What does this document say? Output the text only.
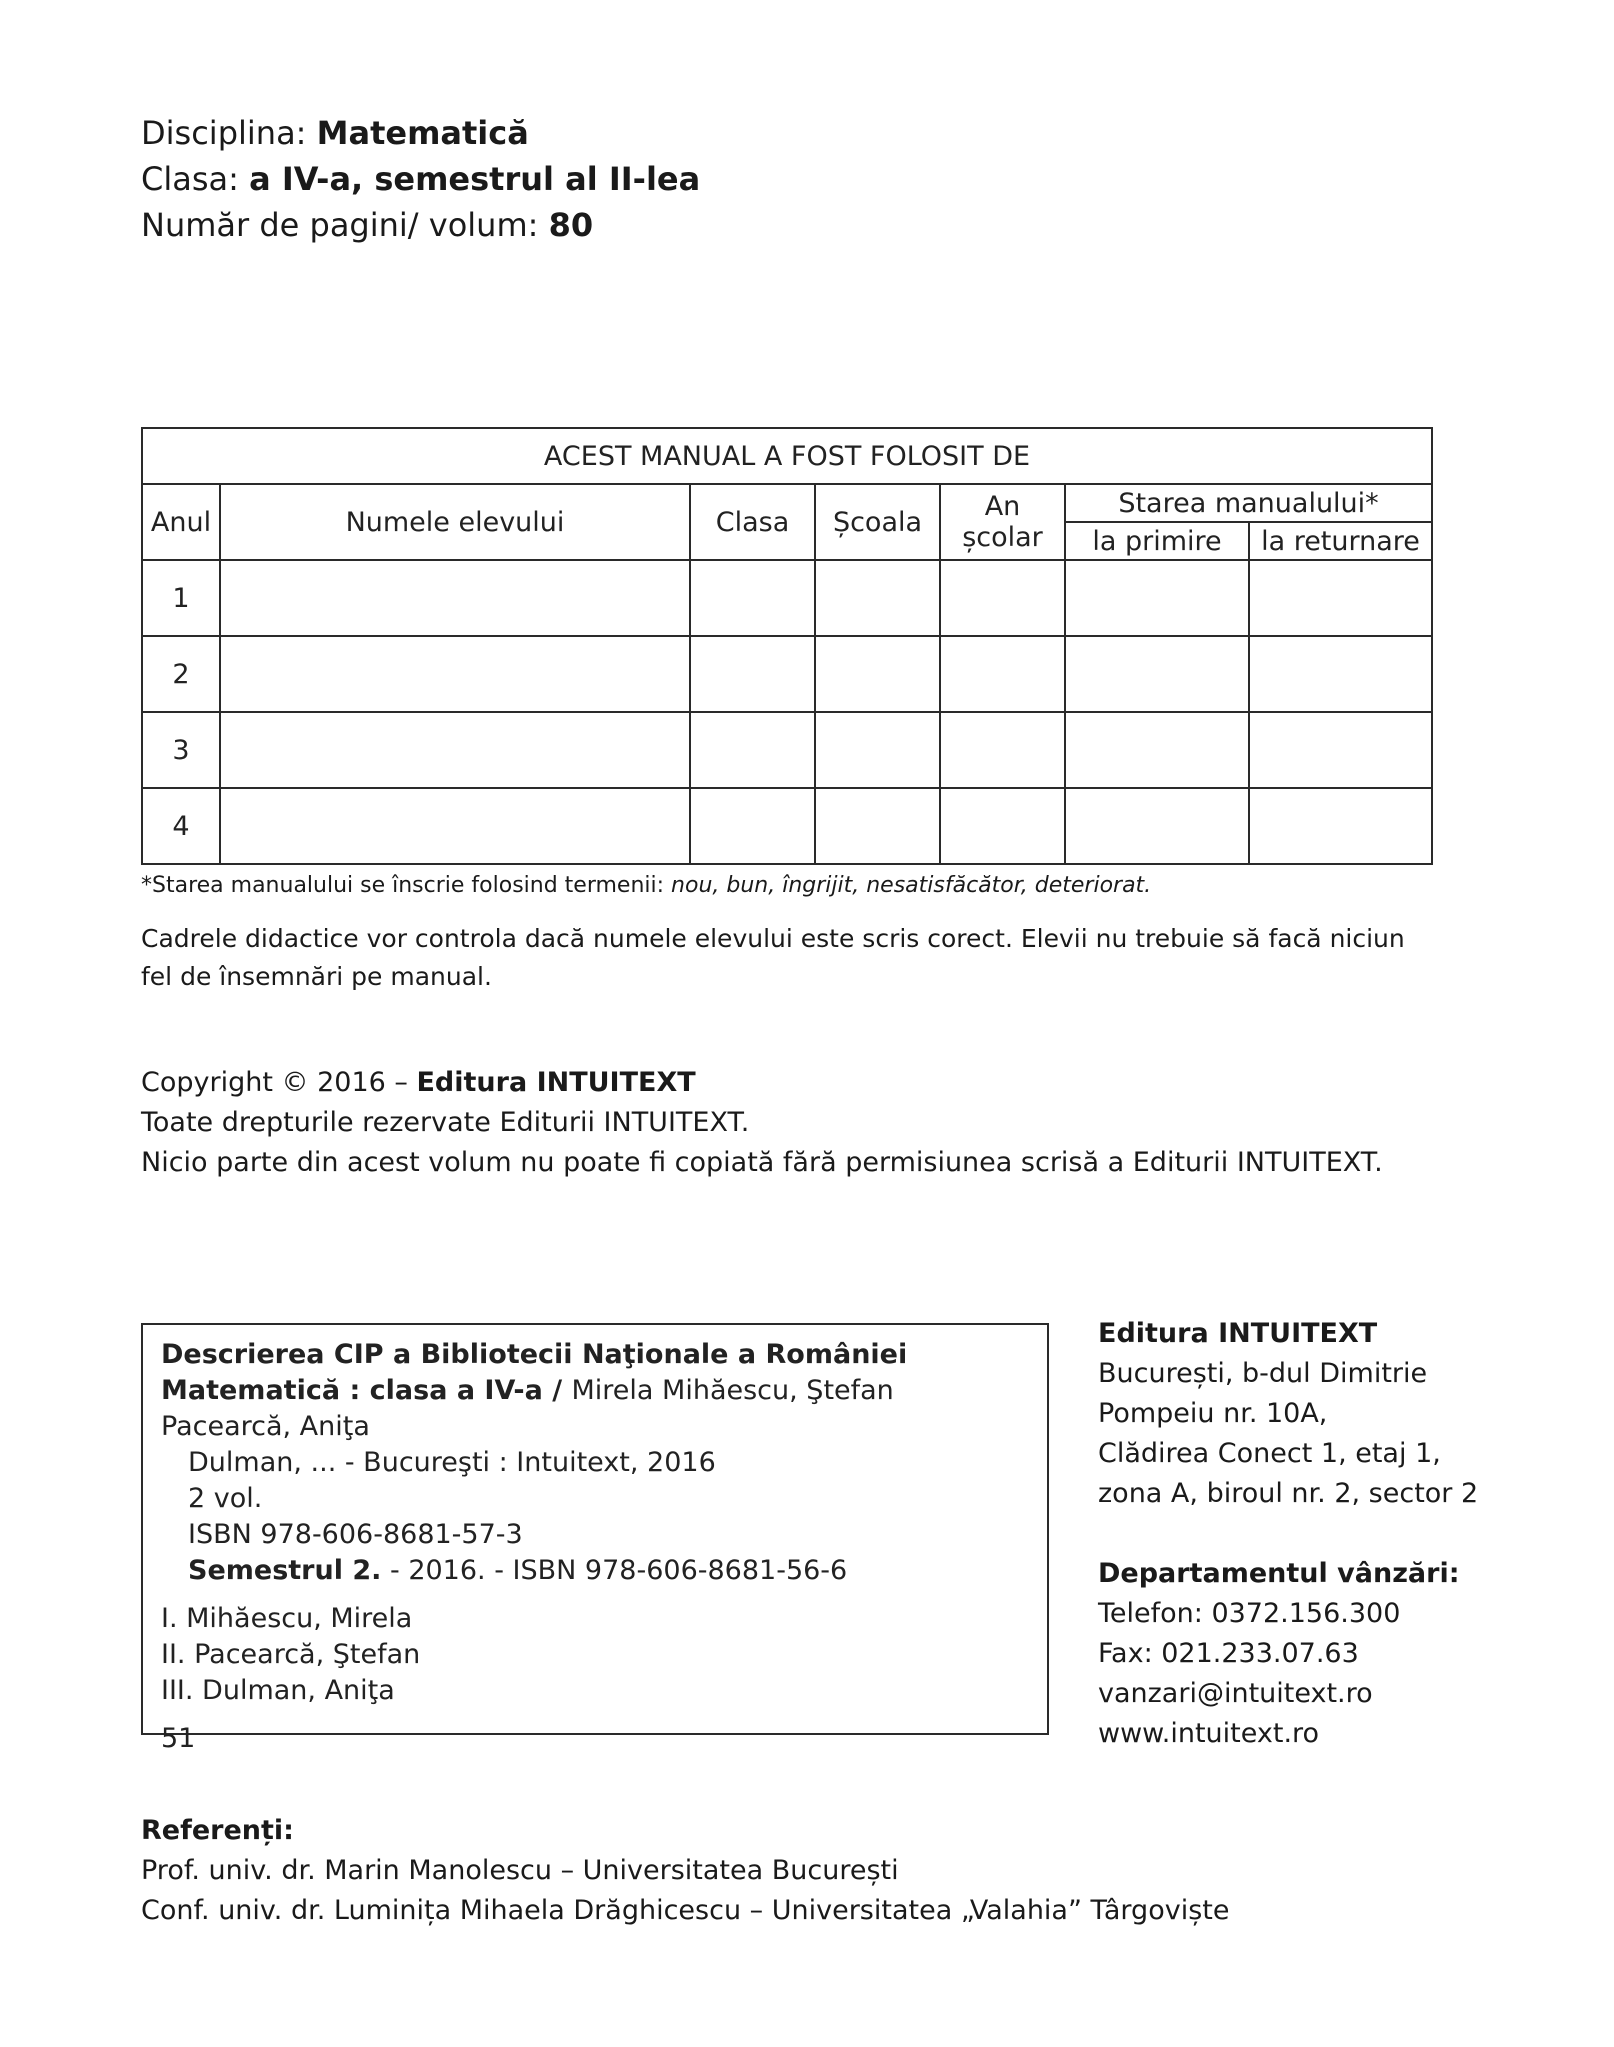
Disciplina: Matematică
Clasa: a IV-a, semestrul al II-lea
Număr de pagini/ volum: 80
ACEST MANUAL A FOST FOLOSIT DE						
Anul	Numele elevului	Clasa	Școala	An școlar	Starea manualului*	
					la primire	la returnare
1						
2						
3						
4						
*Starea manualului se înscrie folosind termenii: nou, bun, îngrijit, nesatisfăcător, deteriorat.
Cadrele didactice vor controla dacă numele elevului este scris corect. Elevii nu trebuie să facă niciun fel de însemnări pe manual.
Copyright © 2016 – Editura INTUITEXT
Toate drepturile rezervate Editurii INTUITEXT.
Nicio parte din acest volum nu poate fi copiată fără permisiunea scrisă a Editurii INTUITEXT.
Descrierea CIP a Bibliotecii Naţionale a României
Matematică : clasa a IV-a / Mirela Mihăescu, Ştefan Pacearcă, Aniţa
Dulman, ... - Bucureşti : Intuitext, 2016
2 vol.
ISBN 978-606-8681-57-3
Semestrul 2. - 2016. - ISBN 978-606-8681-56-6
I. Mihăescu, Mirela
II. Pacearcă, Ştefan
III. Dulman, Aniţa
51
Editura INTUITEXT
București, b-dul Dimitrie
Pompeiu nr. 10A,
Clădirea Conect 1, etaj 1,
zona A, biroul nr. 2, sector 2
Departamentul vânzări:
Telefon: 0372.156.300
Fax: 021.233.07.63
vanzari@intuitext.ro
www.intuitext.ro
Referenți:
Prof. univ. dr. Marin Manolescu – Universitatea București
Conf. univ. dr. Luminița Mihaela Drăghicescu – Universitatea „Valahia” Târgoviște
